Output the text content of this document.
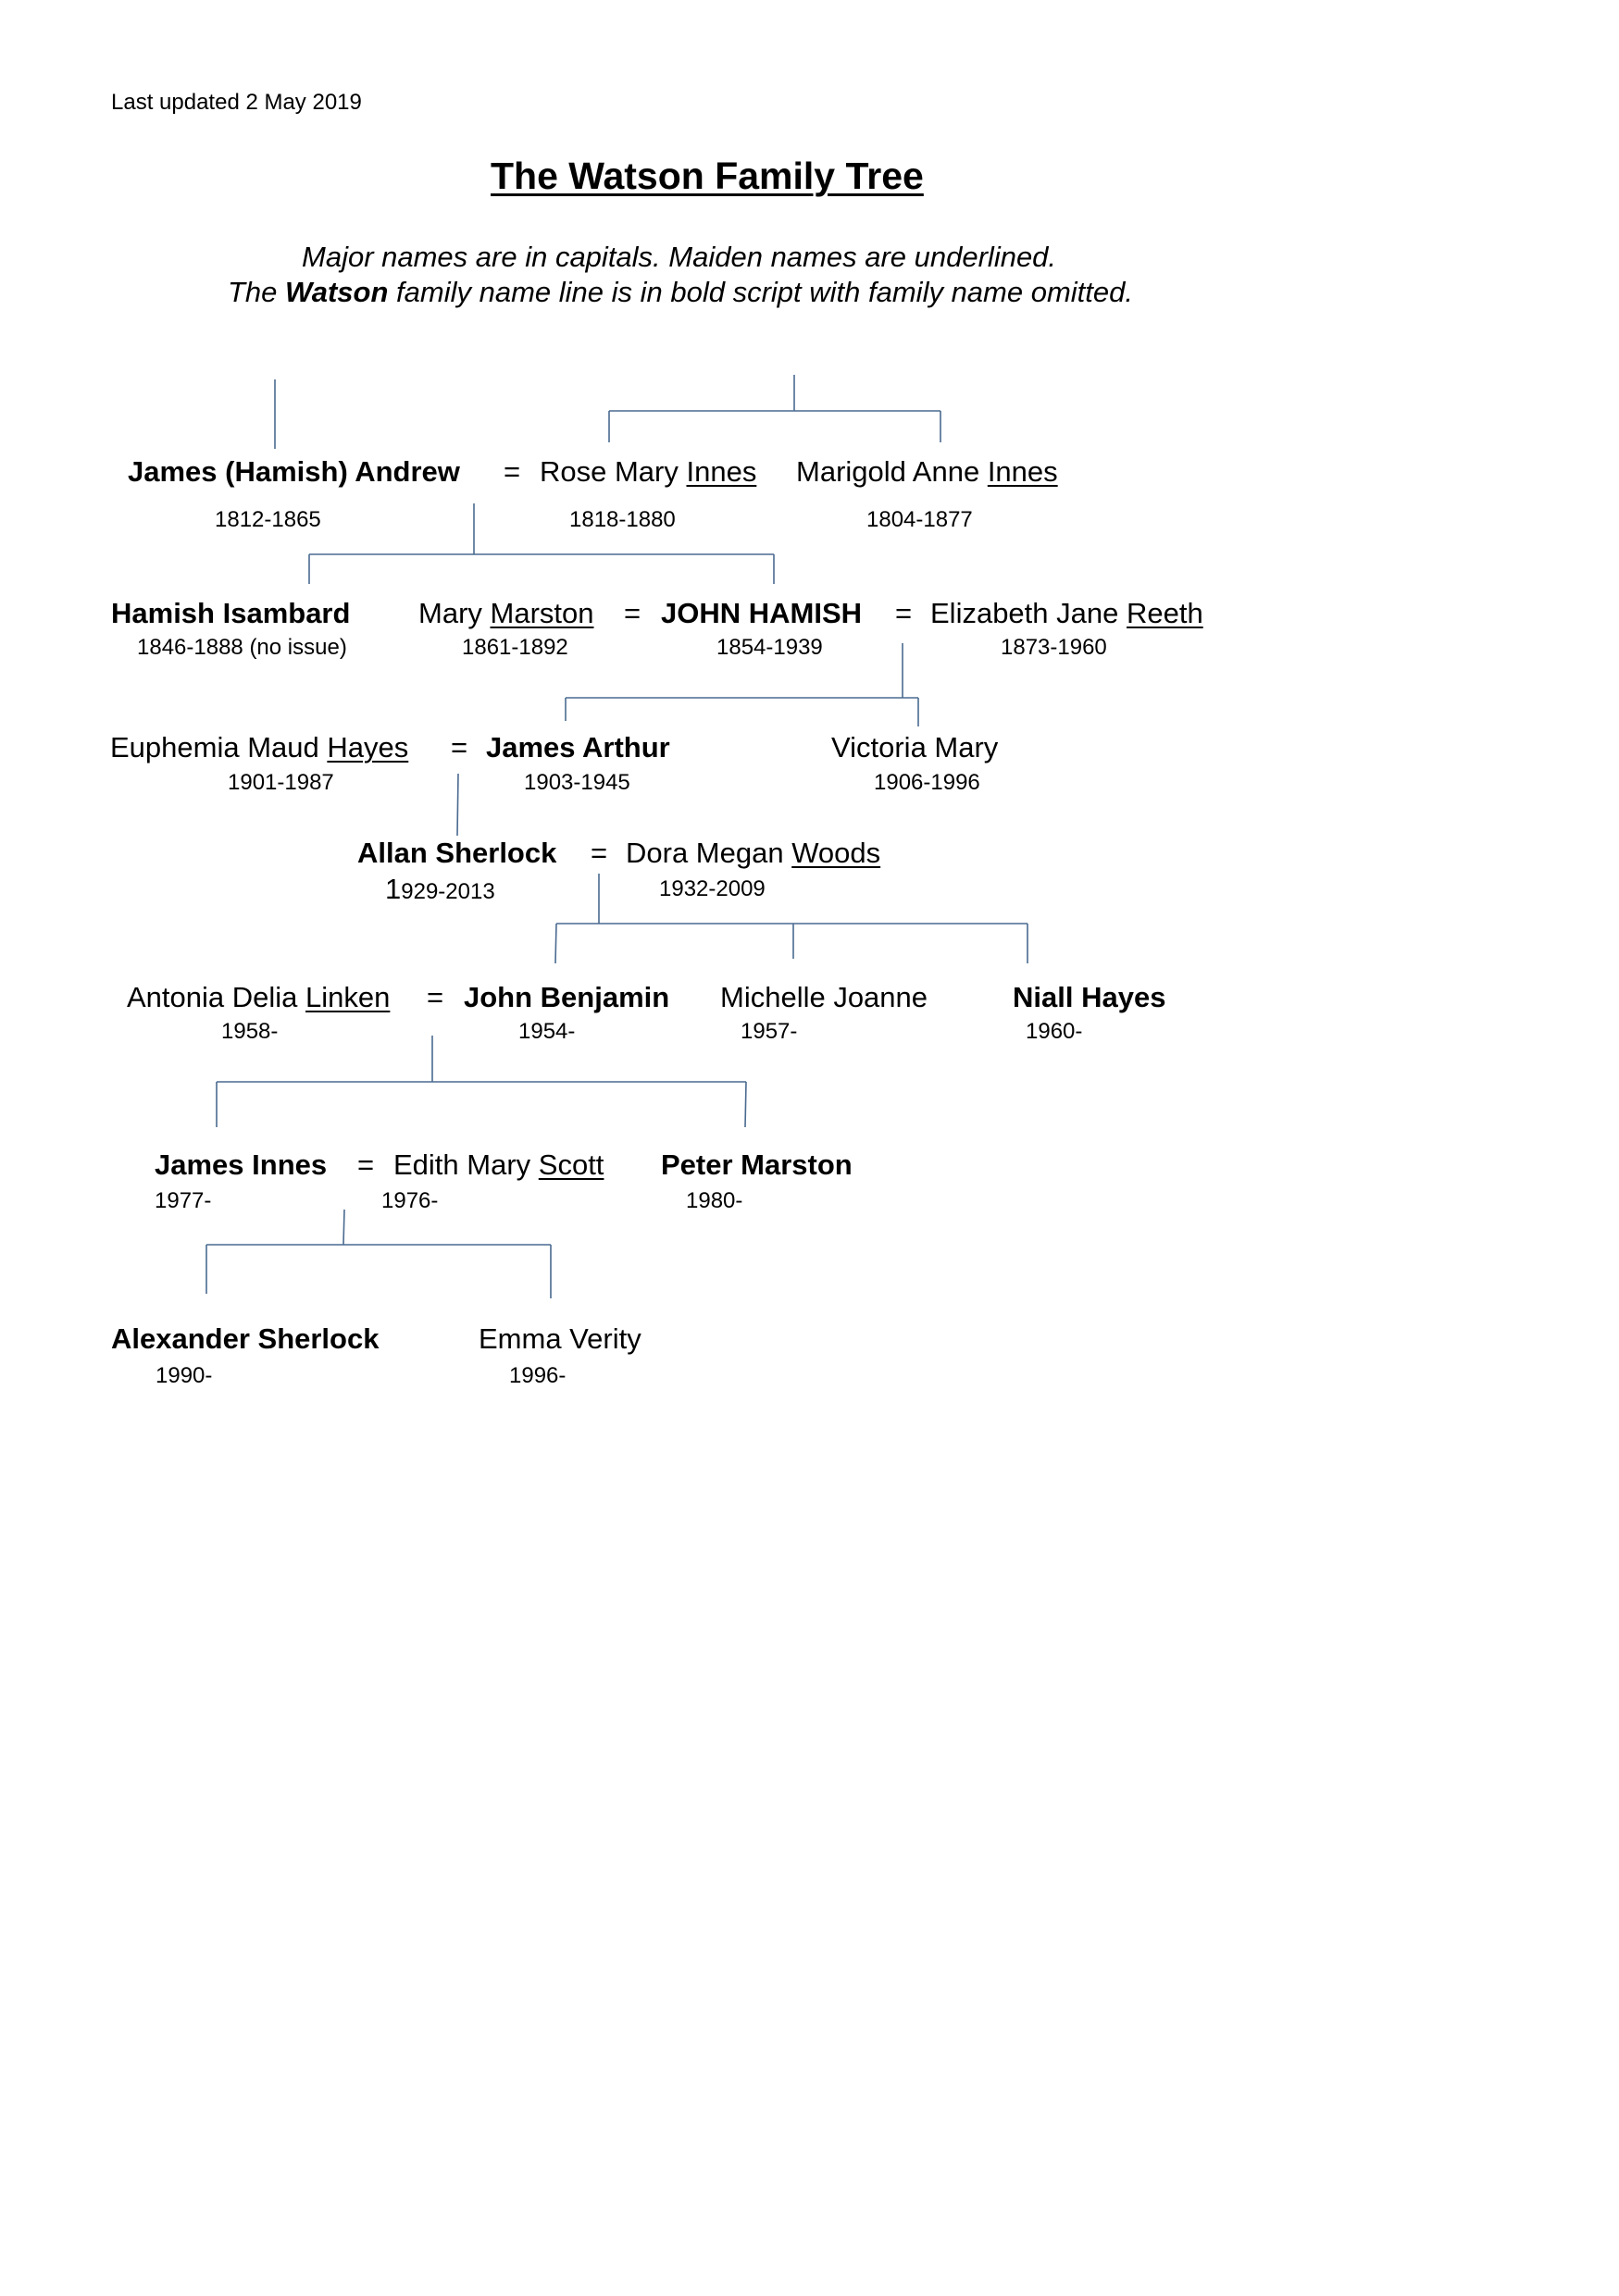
Last updated 2 May 2019
The Watson Family Tree
Major names are in capitals. Maiden names are underlined.
The Watson family name line is in bold script with family name omitted.
James (Hamish) Andrew = Rose Mary Innes Marigold Anne Innes
1812-1865	1818-1880	1804-1877
Hamish Isambard Mary Marston = JOHN HAMISH = Elizabeth Jane Reeth
1846-1888 (no issue)	1861-1892	1854-1939	1873-1960
Euphemia Maud Hayes = James Arthur	Victoria Mary
1901-1987	1903-1945	1906-1996
Allan Sherlock = Dora Megan Woods
1929-2013	1932-2009
Antonia Delia Linken = John Benjamin Michelle Joanne	Niall Hayes
1958-	1954-	1957-	1960-
James Innes = Edith Mary Scott Peter Marston
1977-	1976-	1980-
Alexander Sherlock	Emma Verity
1990-	1996-
